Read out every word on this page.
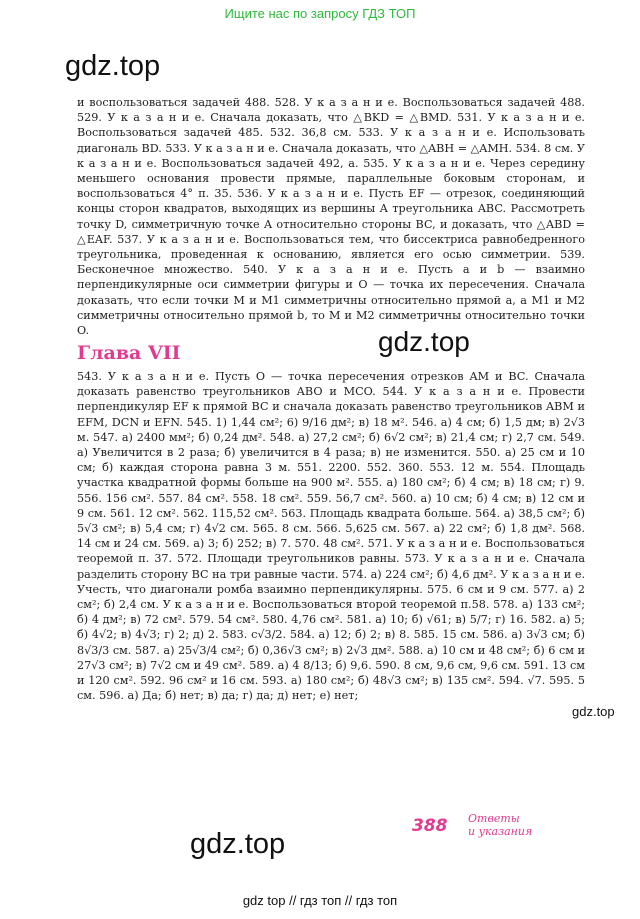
Ищите нас по запросу ГДЗ ТОП
gdz.top

и воспользоваться задачей 488. 528. У к а з а н и е. Воспользоваться задачей 488. 529. У к а з а н и е. Сначала доказать, что △BKD = △BMD. 531. У к а з а н и е. Воспользоваться задачей 485. 532. 36,8 см. 533. У к а з а н и е. Использовать диагональ BD. 533. У к а з а н и е. Сначала доказать, что △ABH = △AMH. 534. 8 см. У к а з а н и е. Воспользоваться задачей 492, а. 535. У к а з а н и е. Через середину меньшего основания провести прямые, параллельные боковым сторонам, и воспользоваться 4° п. 35. 536. У к а з а н и е. Пусть EF — отрезок, соединяющий концы сторон квадратов, выходящих из вершины A треугольника ABC. Рассмотреть точку D, симметричную точке A относительно стороны BC, и доказать, что △ABD = △EAF. 537. У к а з а н и е. Воспользоваться тем, что биссектриса равнобедренного треугольника, проведенная к основанию, является его осью симметрии. 539. Бесконечное множество. 540. У к а з а н и е. Пусть a и b — взаимно перпендикулярные оси симметрии фигуры и O — точка их пересечения. Сначала доказать, что если точки M и M1 симметричны относительно прямой a, а M1 и M2 симметричны относительно прямой b, то M и M2 симметричны относительно точки O.

Глава VII	gdz.top

543. У к а з а н и е. Пусть O — точка пересечения отрезков AM и BC. Сначала доказать равенство треугольников ABO и MCO. 544. У к а з а н и е. Провести перпендикуляр EF к прямой BC и сначала доказать равенство треугольников ABM и EFM, DCN и EFN. 545. 1) 1,44 см²; 6) 9/16 дм²; в) 18 м². 546. а) 4 см; б) 1,5 дм; в) 2√3 м. 547. а) 2400 мм²; б) 0,24 дм². 548. а) 27,2 см²; б) 6√2 см²; в) 21,4 см; г) 2,7 см. 549. а) Увеличится в 2 раза; б) увеличится в 4 раза; в) не изменится. 550. а) 25 см и 10 см; б) каждая сторона равна 3 м. 551. 2200. 552. 360. 553. 12 м. 554. Площадь участка квадратной формы больше на 900 м². 555. а) 180 см²; б) 4 см; в) 18 см; г) 9. 556. 156 см². 557. 84 см². 558. 18 см². 559. 56,7 см². 560. а) 10 см; б) 4 см; в) 12 см и 9 см. 561. 12 см². 562. 115,52 см². 563. Площадь квадрата больше. 564. а) 38,5 см²; б) 5√3 см²; в) 5,4 см; г) 4√2 см. 565. 8 см. 566. 5,625 см. 567. а) 22 см²; б) 1,8 дм². 568. 14 см и 24 см. 569. а) 3; б) 252; в) 7. 570. 48 см². 571. У к а з а н и е. Воспользоваться теоремой п. 37. 572. Площади треугольников равны. 573. У к а з а н и е. Сначала разделить сторону BC на три равные части. 574. а) 224 см²; б) 4,6 дм². У к а з а н и е. Учесть, что диагонали ромба взаимно перпендикулярны. 575. 6 см и 9 см. 577. а) 2 см²; б) 2,4 см. У к а з а н и е. Воспользоваться второй теоремой п.58. 578. а) 133 см²; б) 4 дм²; в) 72 см². 579. 54 см². 580. 4,76 см². 581. а) 10; б) √61; в) 5/7; г) 16. 582. а) 5; б) 4√2; в) 4√3; г) 2; д) 2. 583. c√3/2. 584. а) 12; б) 2; в) 8. 585. 15 см. 586. а) 3√3 см; б) 8√3/3 см. 587. а) 25√3/4 см²; б) 0,36√3 см²; в) 2√3 дм². 588. а) 10 см и 48 см²; б) 6 см и 27√3 см²; в) 7√2 см и 49 см². 589. а) 4 8/13; б) 9,6. 590. 8 см, 9,6 см, 9,6 см. 591. 13 см и 120 см². 592. 96 см² и 16 см. 593. а) 180 см²; б) 48√3 см²; в) 135 см². 594. √7. 595. 5 см. 596. а) Да; б) нет; в) да; г) да; д) нет; е) нет;

gdz.top
388 Ответы
и указания
gdz.top
gdz top // гдз топ // гдз топ
